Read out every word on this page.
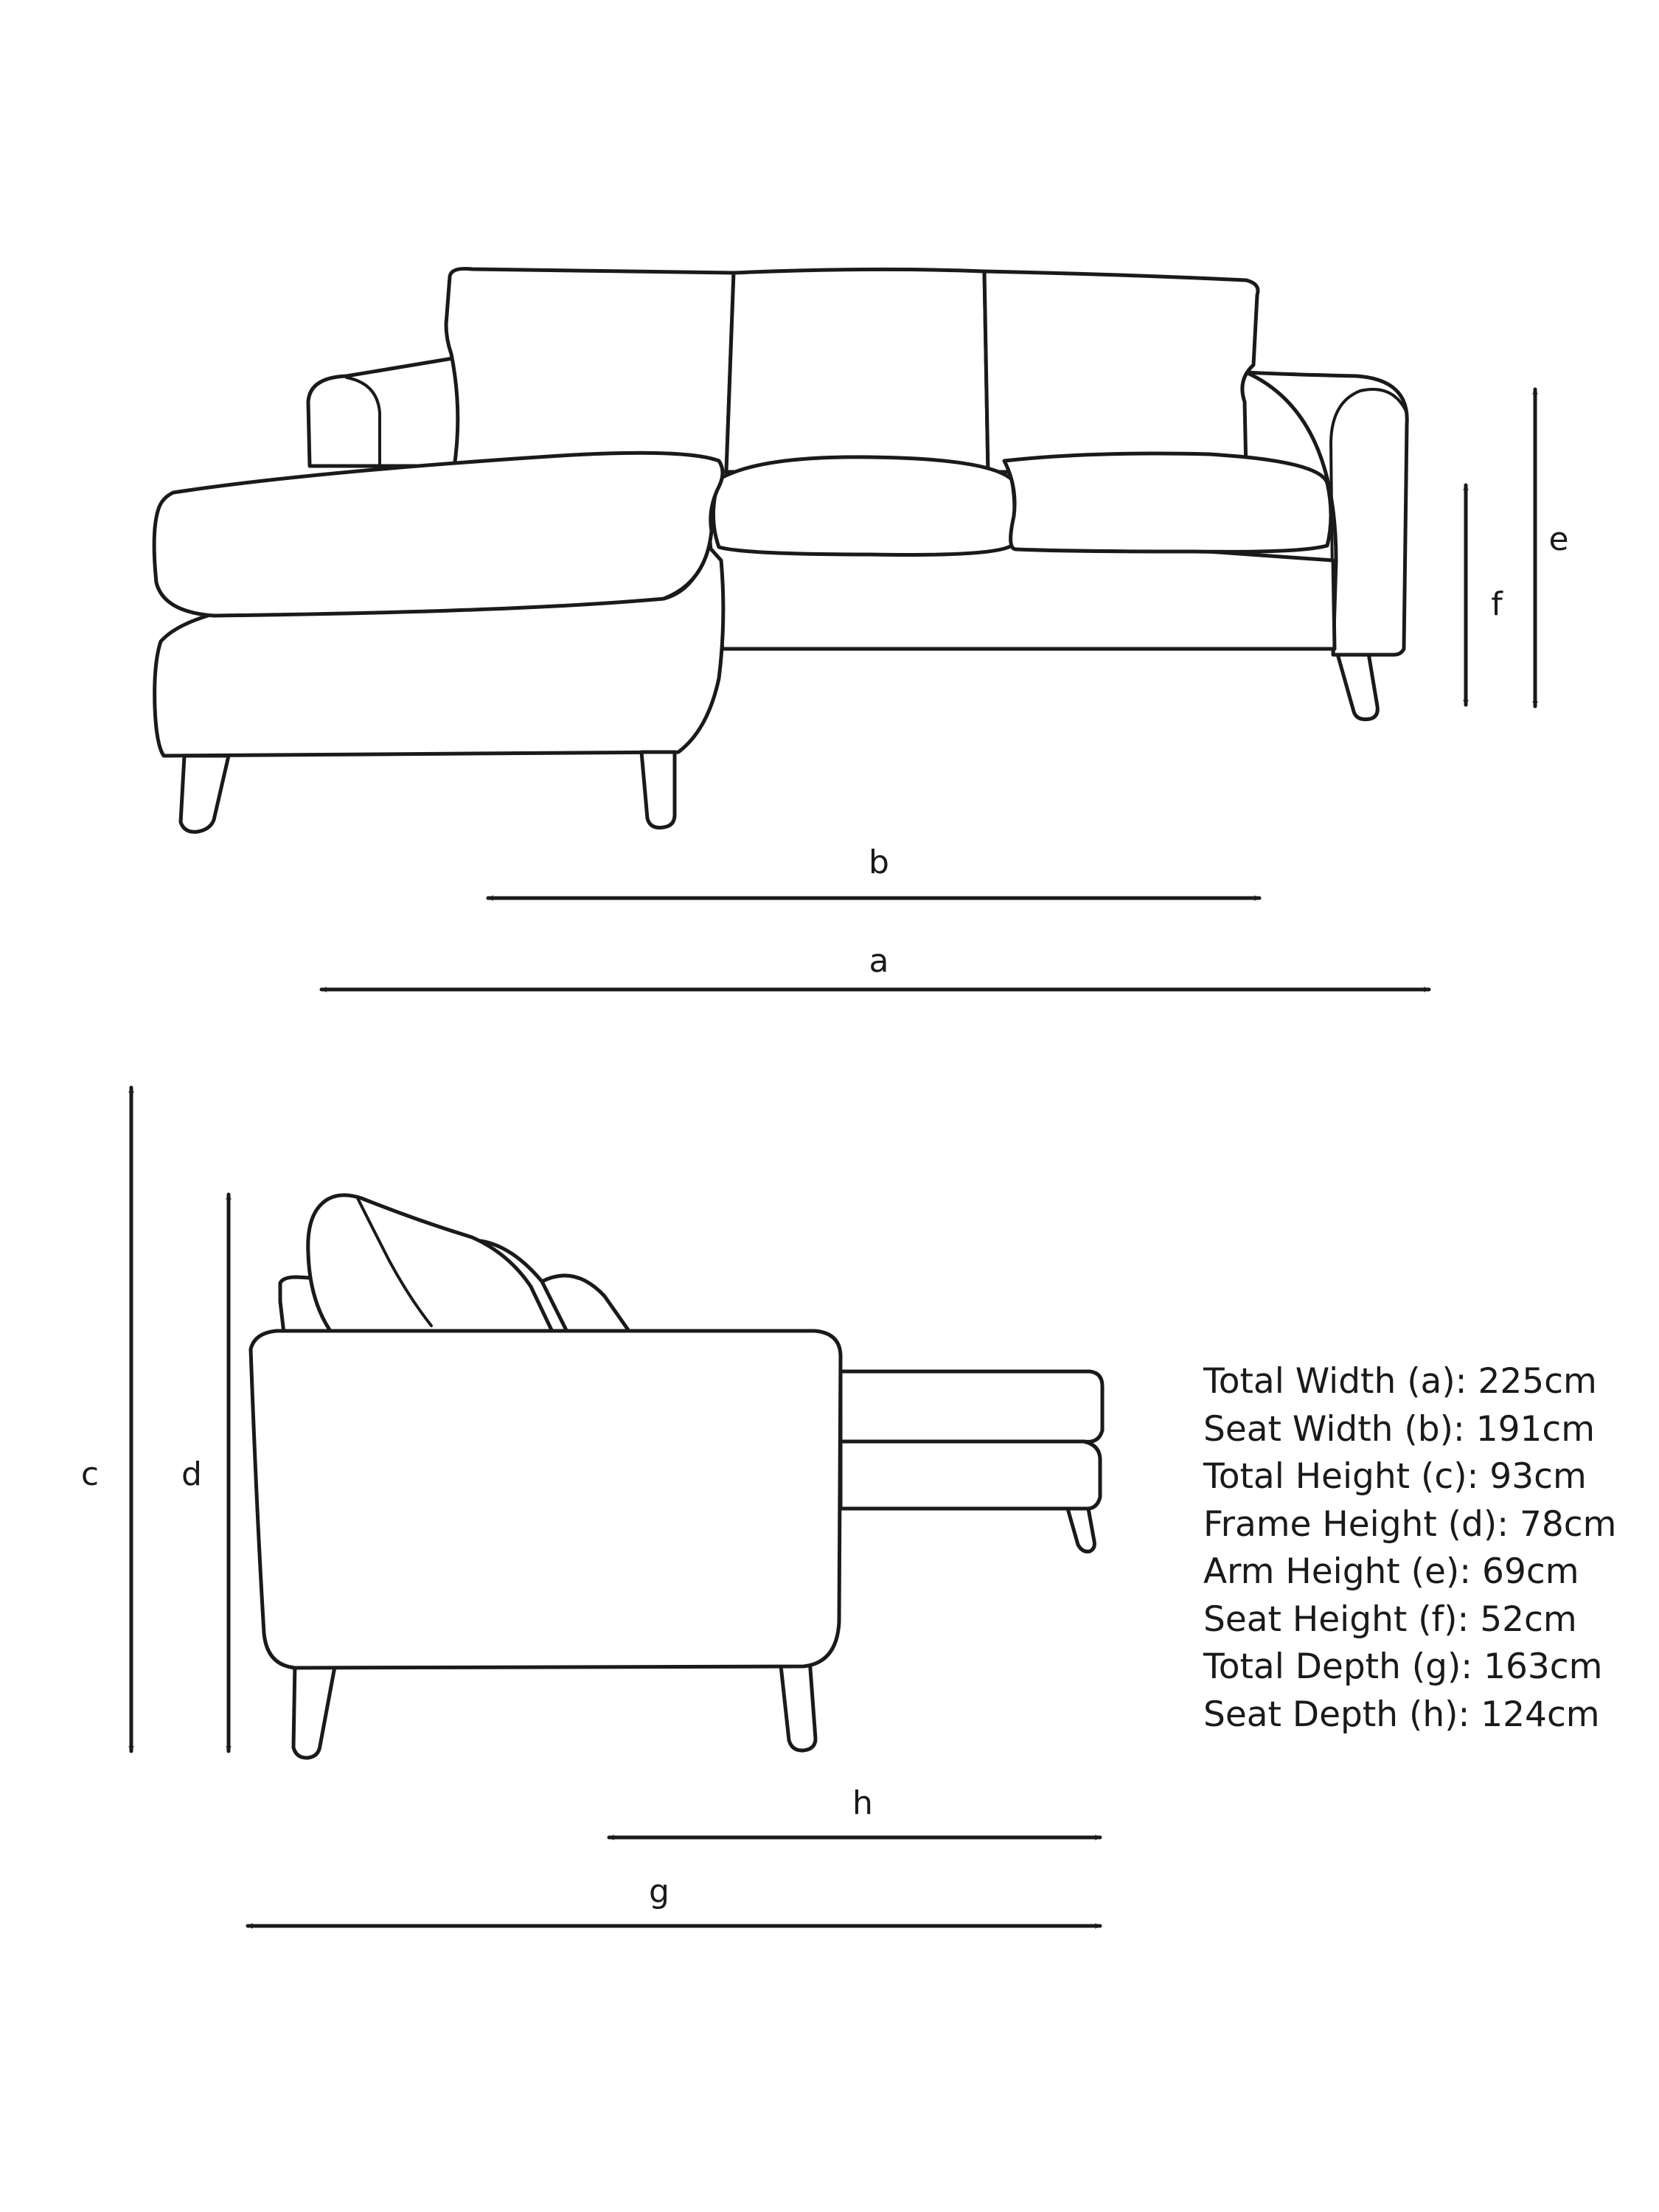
b
a
f
e
c	d
h
g
Total Width (a): 225cm
Seat Width (b): 191cm
Total Height (c): 93cm
Frame Height (d): 78cm
Arm Height (e): 69cm
Seat Height (f): 52cm
Total Depth (g): 163cm
Seat Depth (h): 124cm
